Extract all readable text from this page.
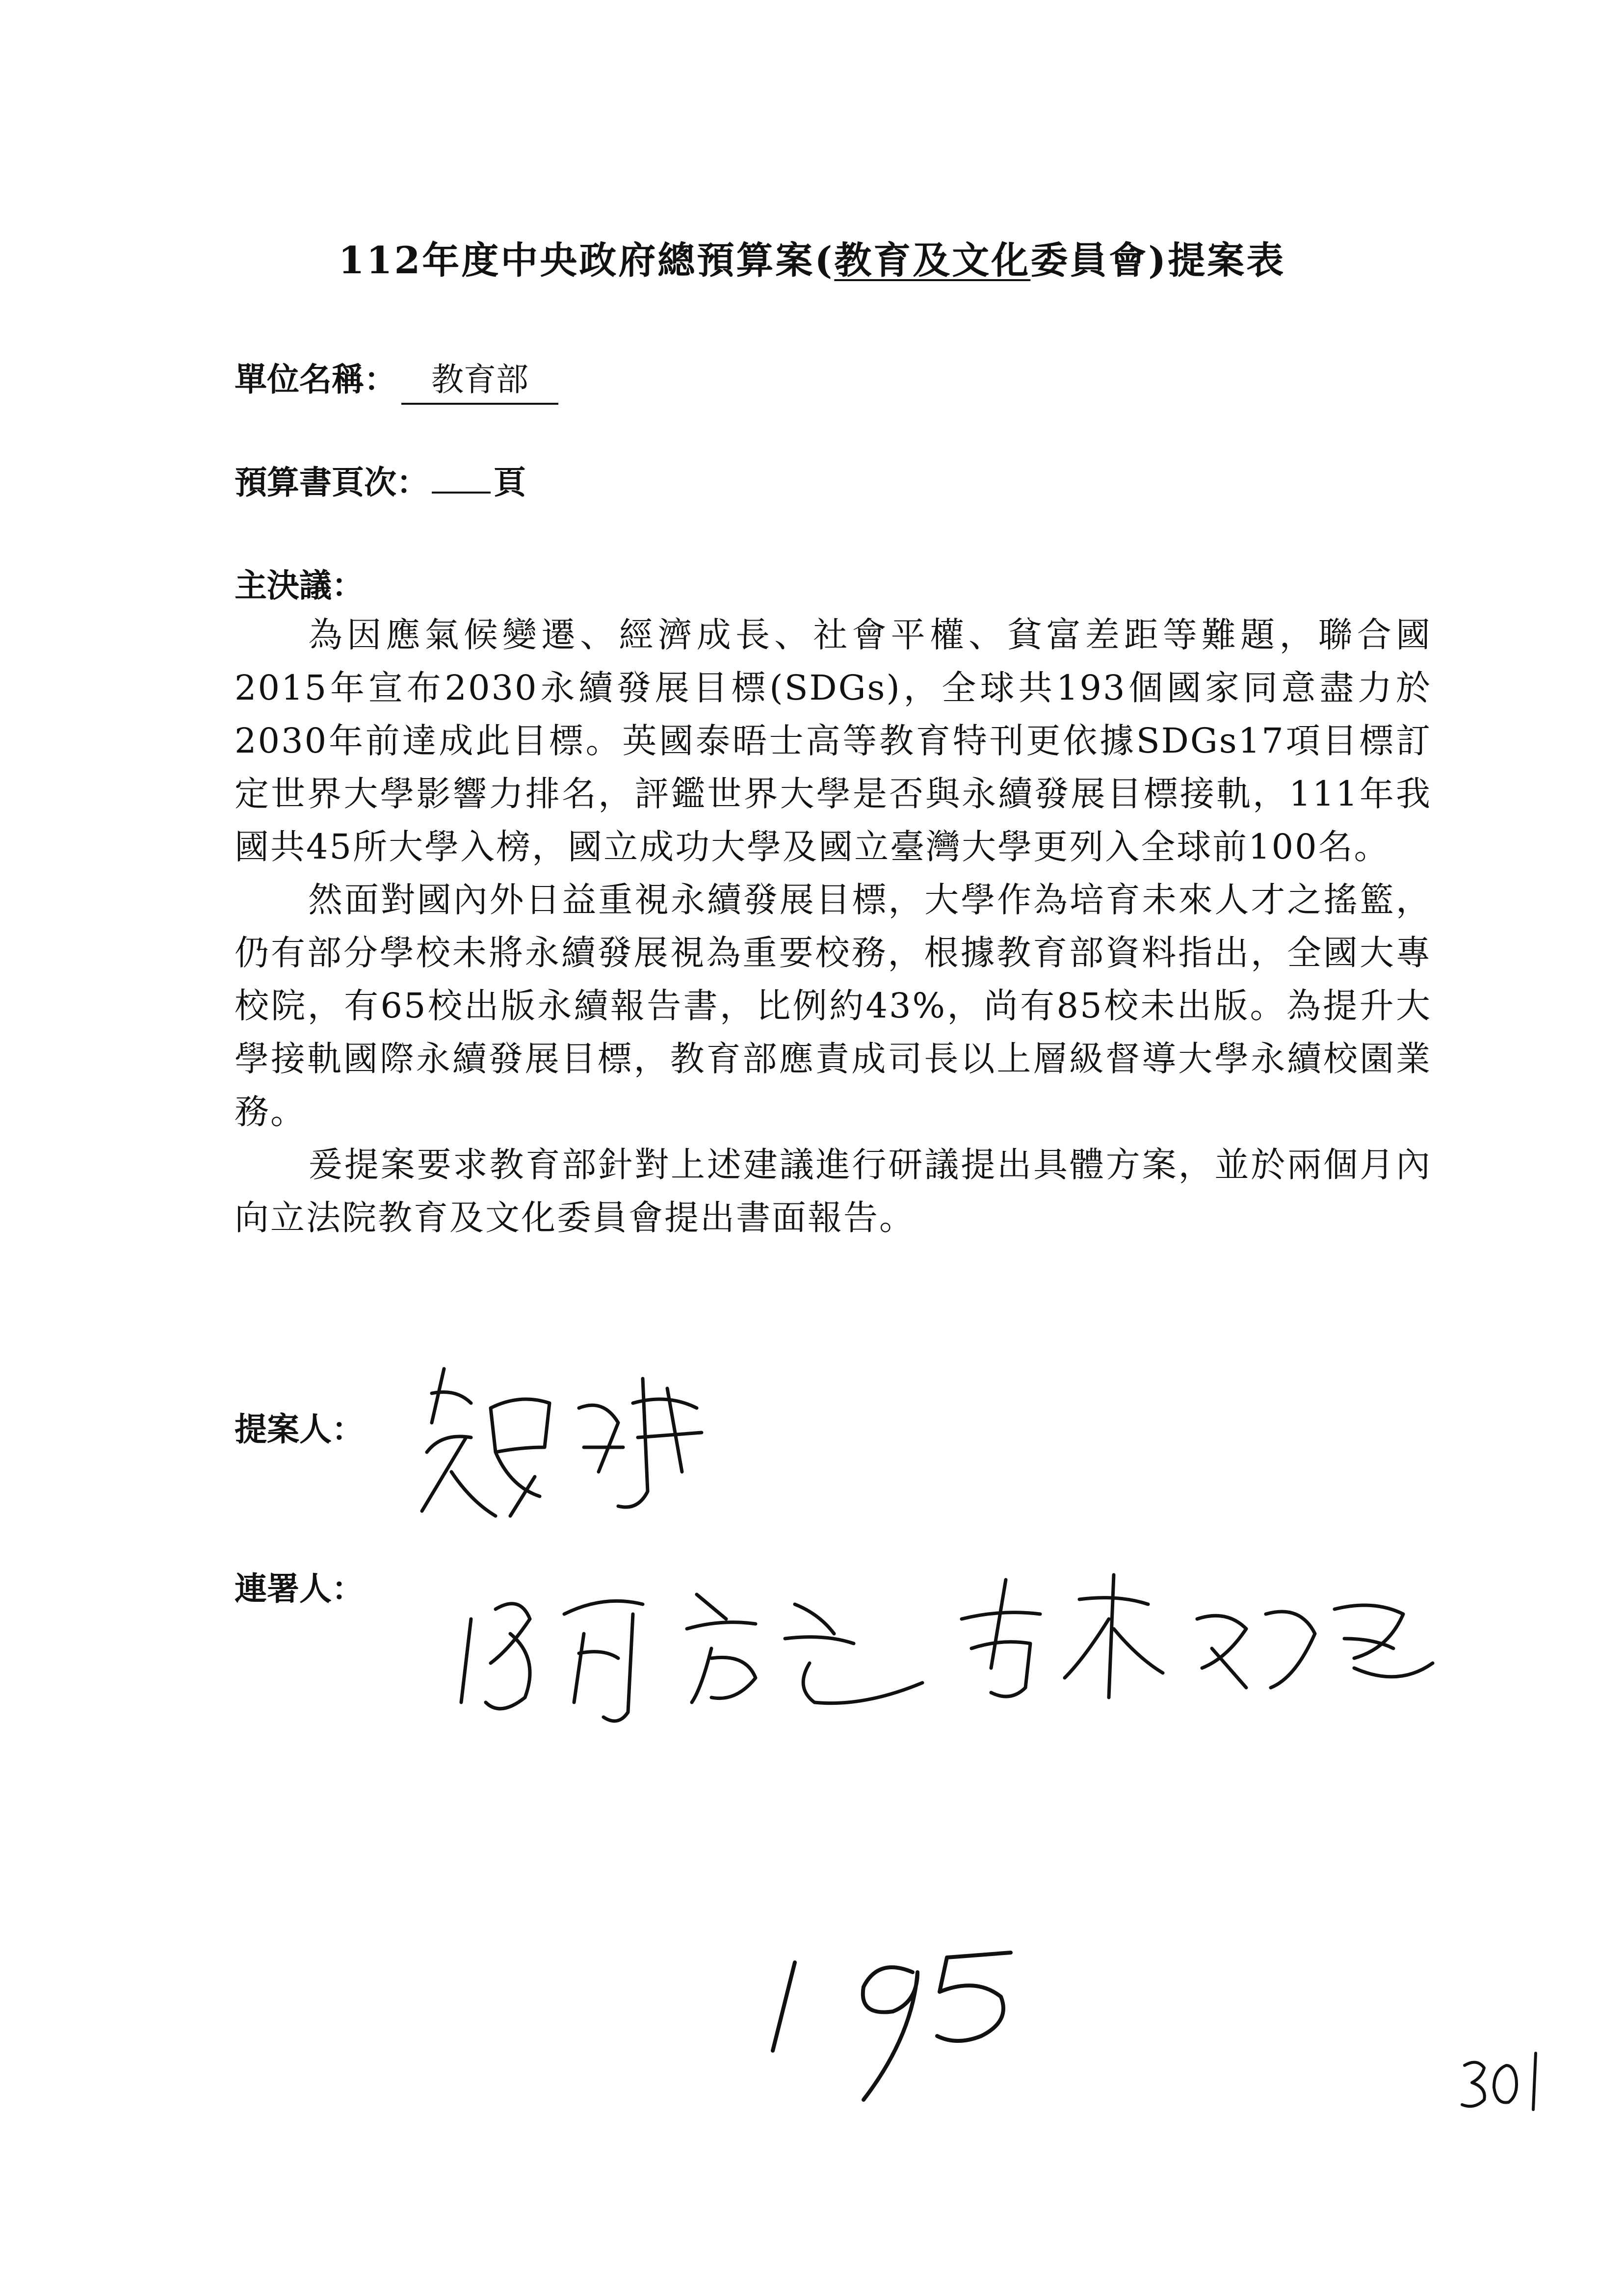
112年度中央政府總預算案(教育及文化委員會)提案表
單位名稱： 教育部
預算書頁次： 頁
主決議：

為因應氣候變遷、經濟成長、社會平權、貧富差距等難題，聯合國2015年宣布2030永續發展目標(SDGs)，全球共193個國家同意盡力於2030年前達成此目標。英國泰晤士高等教育特刊更依據SDGs17項目標訂定世界大學影響力排名，評鑑世界大學是否與永續發展目標接軌，111年我國共45所大學入榜，國立成功大學及國立臺灣大學更列入全球前100名。

然面對國內外日益重視永續發展目標，大學作為培育未來人才之搖籃，仍有部分學校未將永續發展視為重要校務，根據教育部資料指出，全國大專校院，有65校出版永續報告書，比例約43%，尚有85校未出版。為提升大學接軌國際永續發展目標，教育部應責成司長以上層級督導大學永續校園業務。

爰提案要求教育部針對上述建議進行研議提出具體方案，並於兩個月內向立法院教育及文化委員會提出書面報告。

提案人：
連署人：
